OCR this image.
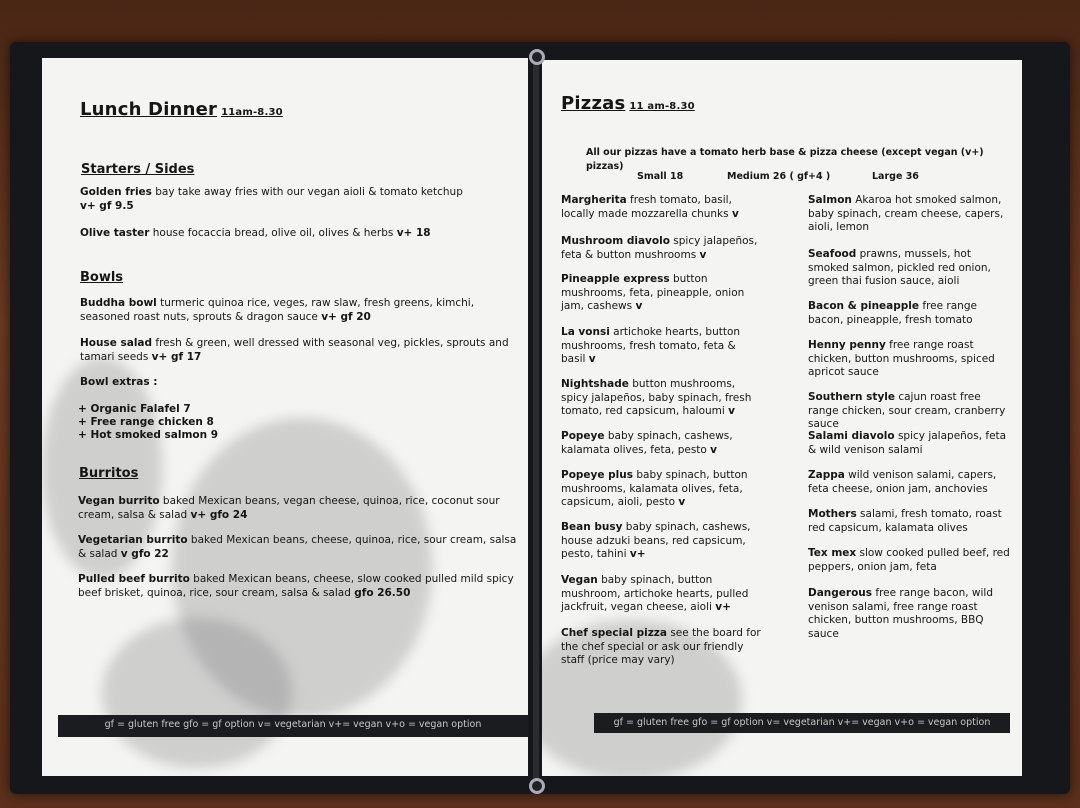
Lunch Dinner 11am-8.30
Starters / Sides
Golden fries bay take away fries with our vegan aioli & tomato ketchup
v+ gf 9.5
Olive taster house focaccia bread, olive oil, olives & herbs v+ 18
Bowls
Buddha bowl turmeric quinoa rice, veges, raw slaw, fresh greens, kimchi, seasoned roast nuts, sprouts & dragon sauce v+ gf 20
House salad fresh & green, well dressed with seasonal veg, pickles, sprouts and tamari seeds v+ gf 17
Bowl extras :
+ Organic Falafel 7
+ Free range chicken 8
+ Hot smoked salmon 9
Burritos
Vegan burrito baked Mexican beans, vegan cheese, quinoa, rice, coconut sour cream, salsa & salad v+ gfo 24
Vegetarian burrito baked Mexican beans, cheese, quinoa, rice, sour cream, salsa & salad v gfo 22
Pulled beef burrito baked Mexican beans, cheese, slow cooked pulled mild spicy beef brisket, quinoa, rice, sour cream, salsa & salad gfo 26.50
gf = gluten free gfo = gf option v= vegetarian v+= vegan v+o = vegan option
Pizzas 11 am-8.30
All our pizzas have a tomato herb base & pizza cheese (except vegan (v+) pizzas)
Small 18	Medium 26 ( gf+4 )	Large 36
Margherita fresh tomato, basil, locally made mozzarella chunks v
Mushroom diavolo spicy jalapeños, feta & button mushrooms v
Pineapple express button mushrooms, feta, pineapple, onion jam, cashews v
La vonsi artichoke hearts, button mushrooms, fresh tomato, feta & basil v
Nightshade button mushrooms, spicy jalapeños, baby spinach, fresh tomato, red capsicum, haloumi v
Popeye baby spinach, cashews, kalamata olives, feta, pesto v
Popeye plus baby spinach, button mushrooms, kalamata olives, feta, capsicum, aioli, pesto v
Bean busy baby spinach, cashews, house adzuki beans, red capsicum, pesto, tahini v+
Vegan baby spinach, button mushroom, artichoke hearts, pulled jackfruit, vegan cheese, aioli v+
Chef special pizza see the board for the chef special or ask our friendly staff (price may vary)
Salmon Akaroa hot smoked salmon, baby spinach, cream cheese, capers, aioli, lemon
Seafood prawns, mussels, hot smoked salmon, pickled red onion, green thai fusion sauce, aioli
Bacon & pineapple free range bacon, pineapple, fresh tomato
Henny penny free range roast chicken, button mushrooms, spiced apricot sauce
Southern style cajun roast free range chicken, sour cream, cranberry sauce
Salami diavolo spicy jalapeños, feta & wild venison salami
Zappa wild venison salami, capers, feta cheese, onion jam, anchovies
Mothers salami, fresh tomato, roast red capsicum, kalamata olives
Tex mex slow cooked pulled beef, red peppers, onion jam, feta
Dangerous free range bacon, wild venison salami, free range roast chicken, button mushrooms, BBQ sauce
gf = gluten free gfo = gf option v= vegetarian v+= vegan v+o = vegan option
